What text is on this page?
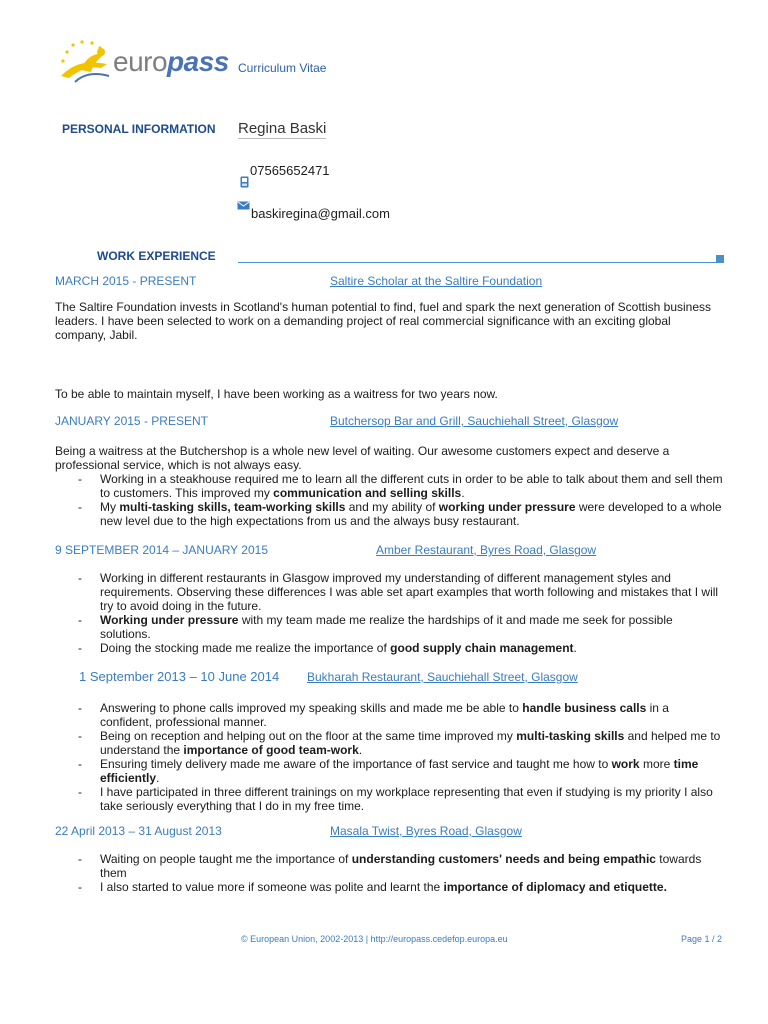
europass Curriculum Vitae
PERSONAL INFORMATION Regina Baski
07565652471
baskiregina@gmail.com
WORK EXPERIENCE
MARCH 2015 - PRESENT	Saltire Scholar at the Saltire Foundation
The Saltire Foundation invests in Scotland's human potential to find, fuel and spark the next generation of Scottish business leaders. I have been selected to work on a demanding project of real commercial significance with an exciting global company, Jabil.
To be able to maintain myself, I have been working as a waitress for two years now.
JANUARY 2015 - PRESENT	Butchersop Bar and Grill, Sauchiehall Street, Glasgow
Being a waitress at the Butchershop is a whole new level of waiting. Our awesome customers expect and deserve a professional service, which is not always easy.
- Working in a steakhouse required me to learn all the different cuts in order to be able to talk about them and sell them to customers. This improved my communication and selling skills.
- My multi-tasking skills, team-working skills and my ability of working under pressure were developed to a whole new level due to the high expectations from us and the always busy restaurant.
9 SEPTEMBER 2014 – JANUARY 2015	Amber Restaurant, Byres Road, Glasgow
- Working in different restaurants in Glasgow improved my understanding of different management styles and requirements. Observing these differences I was able set apart examples that worth following and mistakes that I will try to avoid doing in the future.
- Working under pressure with my team made me realize the hardships of it and made me seek for possible solutions.
- Doing the stocking made me realize the importance of good supply chain management.
1 September 2013 – 10 June 2014 Bukharah Restaurant, Sauchiehall Street, Glasgow
- Answering to phone calls improved my speaking skills and made me be able to handle business calls in a confident, professional manner.
- Being on reception and helping out on the floor at the same time improved my multi-tasking skills and helped me to understand the importance of good team-work.
- Ensuring timely delivery made me aware of the importance of fast service and taught me how to work more time efficiently.
- I have participated in three different trainings on my workplace representing that even if studying is my priority I also take seriously everything that I do in my free time.
22 April 2013 – 31 August 2013	Masala Twist, Byres Road, Glasgow
- Waiting on people taught me the importance of understanding customers' needs and being empathic towards them
- I also started to value more if someone was polite and learnt the importance of diplomacy and etiquette.
© European Union, 2002-2013 | http://europass.cedefop.europa.eu	Page 1 / 2
